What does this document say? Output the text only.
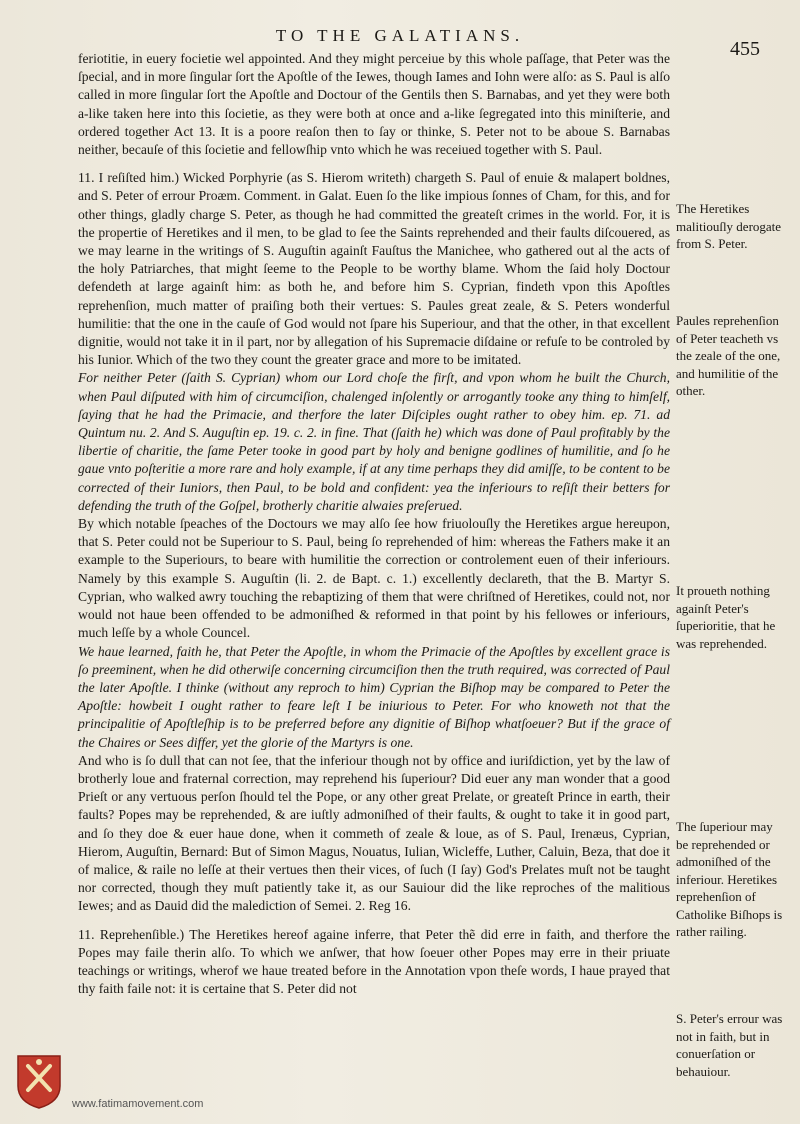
TO THE GALATIANS.
455

feriotitie, in euery focietie wel appointed. And they might perceiue by this whole paſſage, that Peter was the ſpecial, and in more ſingular ſort the Apoſtle of the Iewes, though Iames and Iohn were alſo: as S. Paul is alſo called in more ſingular ſort the Apoſtle and Doctour of the Gentils then S. Barnabas, and yet they were both a-like taken here into this ſocietie, as they were both at once and a-like ſegregated into this miniſterie, and ordered together Act 13. It is a poore reaſon then to ſay or thinke, S. Peter not to be aboue S. Barnabas neither, becauſe of this ſocietie and fellowſhip vnto which he was receiued together with S. Paul.

11. I reſiſted him.) Wicked Porphyrie (as S. Hierom writeth) chargeth S. Paul of enuie & malapert boldnes, and S. Peter of errour Proæm. Comment. in Galat. Euen ſo the like impious ſonnes of Cham, for this, and for other things, gladly charge S. Peter, as though he had committed the greateſt crimes in the world. For, it is the propertie of Heretikes and il men, to be glad to ſee the Saints reprehended and their faults diſcouered, as we may learne in the writings of S. Auguſtin againſt Fauſtus the Manichee, who gathered out al the acts of the holy Patriarches, that might ſeeme to the People to be worthy blame. Whom the ſaid holy Doctour defendeth at large againſt him: as both he, and before him S. Cyprian, findeth vpon this Apoſtles reprehenſion, much matter of praiſing both their vertues: S. Paules great zeale, & S. Peters wonderful humilitie: that the one in the cauſe of God would not ſpare his Superiour, and that the other, in that excellent dignitie, would not take it in il part, nor by allegation of his Supremacie diſdaine or refuſe to be controled by his Iunior. Which of the two they count the greater grace and more to be imitated.

For neither Peter (ſaith S. Cyprian) whom our Lord choſe the firſt, and vpon whom he built the Church, when Paul diſputed with him of circumciſion, chalenged inſolently or arrogantly tooke any thing to himſelf, ſaying that he had the Primacie, and therfore the later Diſciples ought rather to obey him. ep. 71. ad Quintum nu. 2. And S. Auguſtin ep. 19. c. 2. in fine. That (ſaith he) which was done of Paul profitably by the libertie of charitie, the ſame Peter tooke in good part by holy and benigne godlines of humilitie, and ſo he gaue vnto poſteritie a more rare and holy example, if at any time perhaps they did amiſſe, to be content to be corrected of their Iuniors, then Paul, to be bold and confident: yea the inferiours to reſiſt their betters for defending the truth of the Goſpel, brotherly charitie alwaies preſerued.

By which notable ſpeaches of the Doctours we may alſo ſee how friuolouſly the Heretikes argue hereupon, that S. Peter could not be Superiour to S. Paul, being ſo reprehended of him: whereas the Fathers make it an example to the Superiours, to beare with humilitie the correction or controlement euen of their inferiours. Namely by this example S. Auguſtin (li. 2. de Bapt. c. 1.) excellently declareth, that the B. Martyr S. Cyprian, who walked awry touching the rebaptizing of them that were chriſtned of Heretikes, could not, nor would not haue been offended to be admoniſhed & reformed in that point by his fellowes or inferiours, much leſſe by a whole Councel.

We haue learned, faith he, that Peter the Apoſtle, in whom the Primacie of the Apoſtles by excellent grace is ſo preeminent, when he did otherwiſe concerning circumciſion then the truth required, was corrected of Paul the later Apoſtle. I thinke (without any reproch to him) Cyprian the Biſhop may be compared to Peter the Apoſtle: howbeit I ought rather to feare leſt I be iniurious to Peter. For who knoweth not that the principalitie of Apoſtleſhip is to be preferred before any dignitie of Biſhop whatſoeuer? But if the grace of the Chaires or Sees differ, yet the glorie of the Martyrs is one.

And who is ſo dull that can not ſee, that the inferiour though not by office and iuriſdiction, yet by the law of brotherly loue and fraternal correction, may reprehend his ſuperiour? Did euer any man wonder that a good Prieſt or any vertuous perſon ſhould tel the Pope, or any other great Prelate, or greateſt Prince in earth, their faults? Popes may be reprehended, & are iuſtly admoniſhed of their faults, & ought to take it in good part, and ſo they doe & euer haue done, when it commeth of zeale & loue, as of S. Paul, Irenæus, Cyprian, Hierom, Auguſtin, Bernard: But of Simon Magus, Nouatus, Iulian, Wicleffe, Luther, Caluin, Beza, that doe it of malice, & raile no leſſe at their vertues then their vices, of ſuch (I ſay) God's Prelates muſt not be taught nor corrected, though they muſt patiently take it, as our Sauiour did the like reproches of the malitious Iewes; and as Dauid did the malediction of Semei. 2. Reg 16.

11. Reprehenſible.) The Heretikes hereof againe inferre, that Peter thẽ did erre in faith, and therfore the Popes may faile therin alſo. To which we anſwer, that how ſoeuer other Popes may erre in their priuate teachings or writings, wherof we haue treated before in the Annotation vpon theſe words, I haue prayed that thy faith faile not: it is certaine that S. Peter did not

The Heretikes malitiouſly derogate from S. Peter.
Paules reprehenſion of Peter teacheth vs the zeale of the one, and humilitie of the other.
It proueth nothing againſt Peter's ſuperioritie, that he was reprehended.
The ſuperiour may be reprehended or admoniſhed of the inferiour. Heretikes reprehenſion of Catholike Biſhops is rather railing.
S. Peter's errour was not in faith, but in conuerſation or behauiour.
www.fatimamovement.com
